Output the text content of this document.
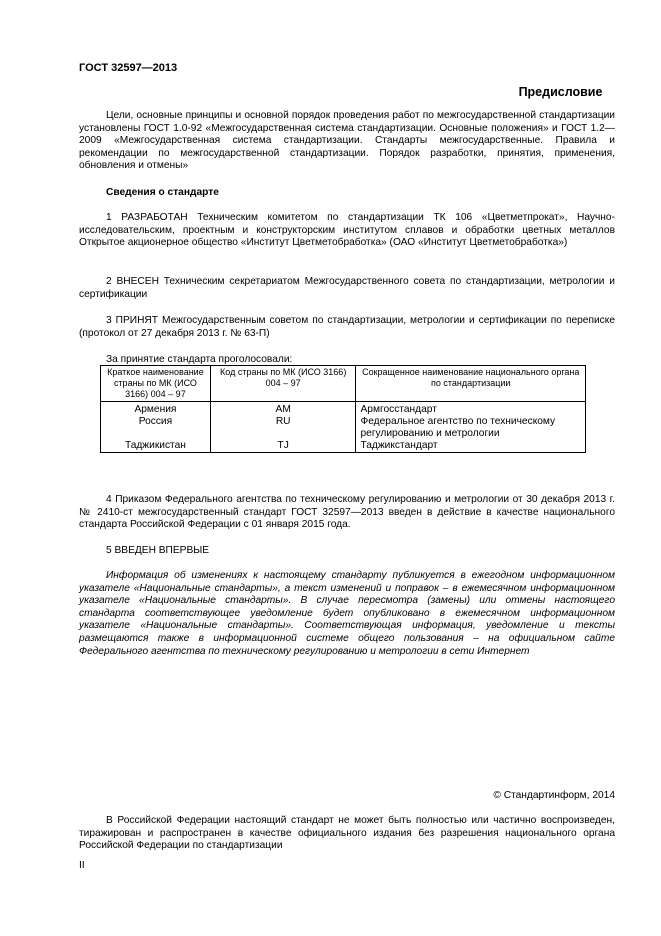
ГОСТ 32597—2013
Предисловие

Цели, основные принципы и основной порядок проведения работ по межгосударственной стандартизации установлены ГОСТ 1.0-92 «Межгосударственная система стандартизации. Основные положения» и ГОСТ 1.2—2009 «Межгосударственная система стандартизации. Стандарты межгосударственные. Правила и рекомендации по межгосударственной стандартизации. Порядок разработки, принятия, применения, обновления и отмены»

Сведения о стандарте

1 РАЗРАБОТАН Техническим комитетом по стандартизации ТК 106 «Цветметпрокат», Научно-исследовательским, проектным и конструкторским институтом сплавов и обработки цветных металлов Открытое акционерное общество «Институт Цветметобработка» (ОАО «Институт Цветметобработка»)

2 ВНЕСЕН Техническим секретариатом Межгосударственного совета по стандартизации, метрологии и сертификации

3 ПРИНЯТ Межгосударственным советом по стандартизации, метрологии и сертификации по переписке (протокол от 27 декабря 2013 г. № 63-П)

За принятие стандарта проголосовали:
Краткое наименование страны по МК (ИСО 3166) 004 – 97	Код страны по МК (ИСО 3166) 004 – 97	Сокращенное наименование национального органа по стандартизации
Армения	AM	Армгосстандарт
Россия	RU	Федеральное агентство по техническому регулированию и метрологии
Таджикистан	TJ	Таджикстандарт

4 Приказом Федерального агентства по техническому регулированию и метрологии от 30 декабря 2013 г. № 2410-ст межгосударственный стандарт ГОСТ 32597—2013 введен в действие в качестве национального стандарта Российской Федерации с 01 января 2015 года.

5 ВВЕДЕН ВПЕРВЫЕ

Информация об изменениях к настоящему стандарту публикуется в ежегодном информационном указателе «Национальные стандарты», а текст изменений и поправок – в ежемесячном информационном указателе «Национальные стандарты». В случае пересмотра (замены) или отмены настоящего стандарта соответствующее уведомление будет опубликовано в ежемесячном информационном указателе «Национальные стандарты». Соответствующая информация, уведомление и тексты размещаются также в информационной системе общего пользования – на официальном сайте Федерального агентства по техническому регулированию и метрологии в сети Интернет

© Стандартинформ, 2014

В Российской Федерации настоящий стандарт не может быть полностью или частично воспроизведен, тиражирован и распространен в качестве официального издания без разрешения национального органа Российской Федерации по стандартизации

II
